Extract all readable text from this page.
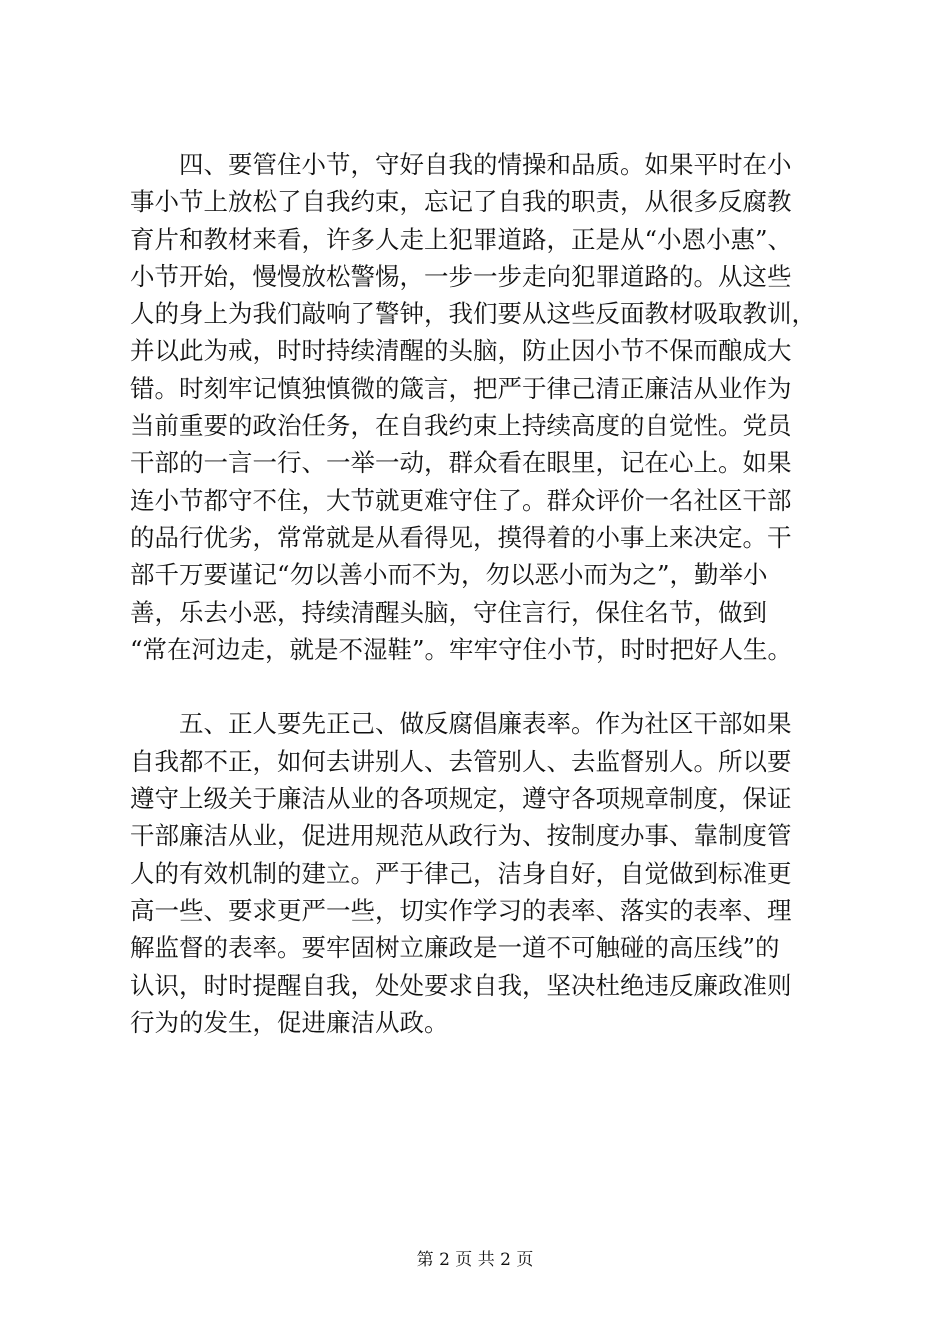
　　四、要管住小节，守好自我的情操和品质。如果平时在小
事小节上放松了自我约束，忘记了自我的职责，从很多反腐教
育片和教材来看，许多人走上犯罪道路，正是从“小恩小惠”、
小节开始，慢慢放松警惕，一步一步走向犯罪道路的。从这些
人的身上为我们敲响了警钟，我们要从这些反面教材吸取教训，
并以此为戒，时时持续清醒的头脑，防止因小节不保而酿成大
错。时刻牢记慎独慎微的箴言，把严于律己清正廉洁从业作为
当前重要的政治任务，在自我约束上持续高度的自觉性。党员
干部的一言一行、一举一动，群众看在眼里，记在心上。如果
连小节都守不住，大节就更难守住了。群众评价一名社区干部
的品行优劣，常常就是从看得见，摸得着的小事上来决定。干
部千万要谨记“勿以善小而不为，勿以恶小而为之”，勤举小
善，乐去小恶，持续清醒头脑，守住言行，保住名节，做到
“常在河边走，就是不湿鞋”。牢牢守住小节，时时把好人生。

　　五、正人要先正己、做反腐倡廉表率。作为社区干部如果
自我都不正，如何去讲别人、去管别人、去监督别人。所以要
遵守上级关于廉洁从业的各项规定，遵守各项规章制度，保证
干部廉洁从业，促进用规范从政行为、按制度办事、靠制度管
人的有效机制的建立。严于律己，洁身自好，自觉做到标准更
高一些、要求更严一些，切实作学习的表率、落实的表率、理
解监督的表率。要牢固树立廉政是一道不可触碰的高压线”的
认识，时时提醒自我，处处要求自我，坚决杜绝违反廉政准则
行为的发生，促进廉洁从政。

第 2 页 共 2 页
